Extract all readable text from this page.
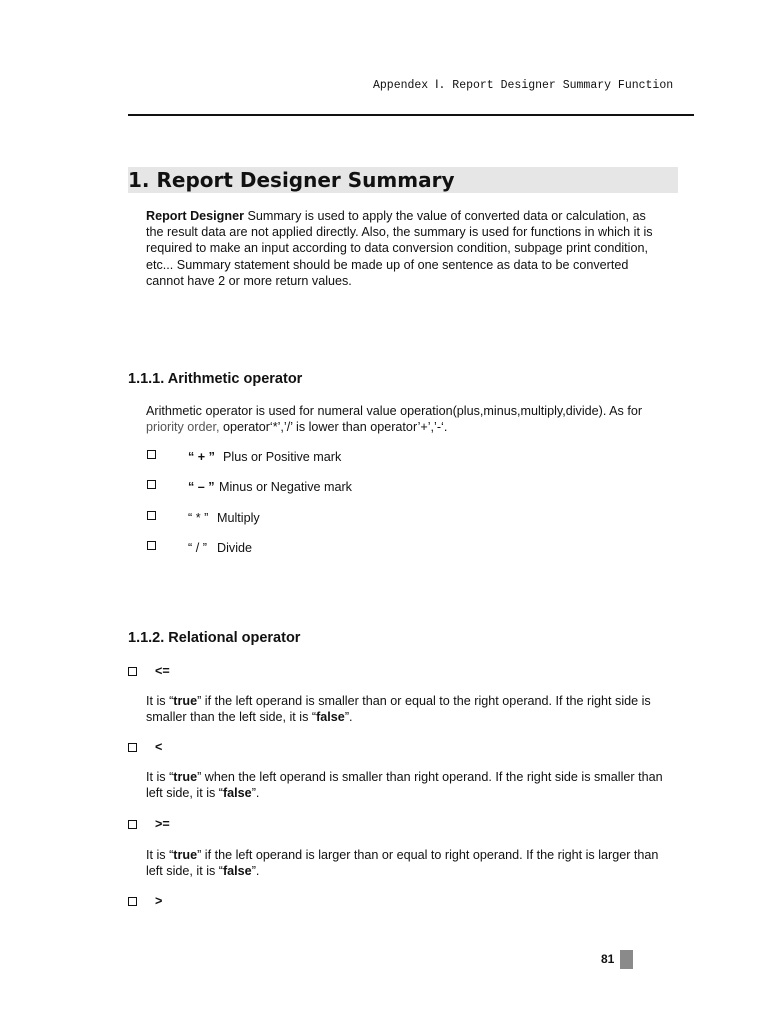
Appendex Ⅰ. Report Designer Summary Function
1. Report Designer Summary
Report Designer Summary is used to apply the value of converted data or calculation, as
the result data are not applied directly. Also, the summary is used for functions in which it is
required to make an input according to data conversion condition, subpage print condition,
etc... Summary statement should be made up of one sentence as data to be converted
cannot have 2 or more return values.
1.1.1. Arithmetic operator
Arithmetic operator is used for numeral value operation(plus,minus,multiply,divide). As for
priority order, operator‘*’,’/’ is lower than operator’+’,’-‘.
“ + ” Plus or Positive mark
“ – ” Minus or Negative mark
“ * ” Multiply
“ / ” Divide
1.1.2. Relational operator
<=
It is “true” if the left operand is smaller than or equal to the right operand. If the right side is
smaller than the left side, it is “false”.
<
It is “true” when the left operand is smaller than right operand. If the right side is smaller than
left side, it is “false”.
>=
It is “true” if the left operand is larger than or equal to right operand. If the right is larger than
left side, it is “false”.
>
81
